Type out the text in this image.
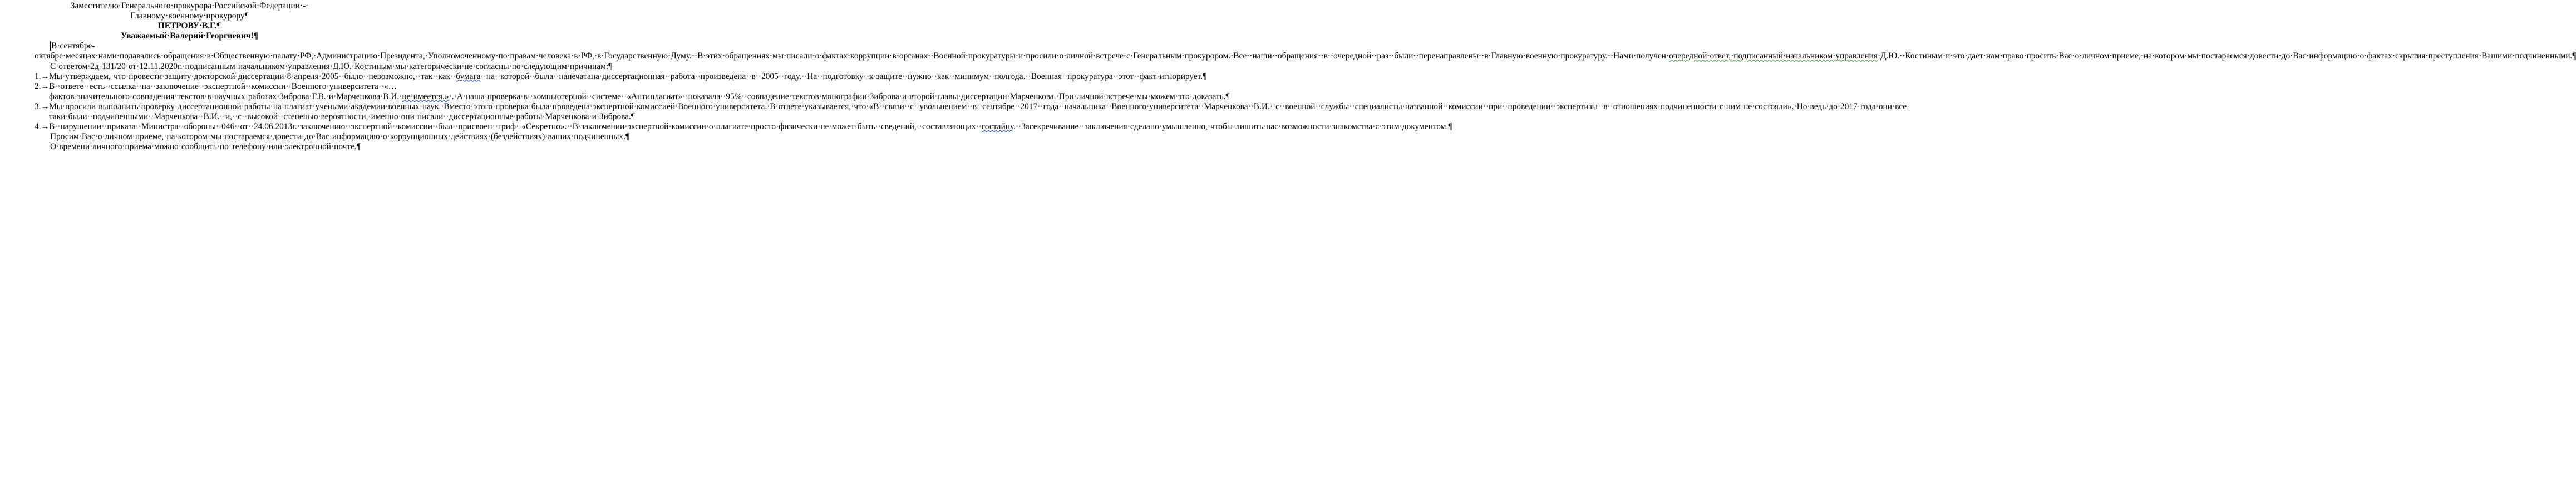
Заместителю·Генерального·прокурора·Российской·Федерации·-·

Главному·военному·прокурору¶

ПЕТРОВУ·В.Г.¶

Уважаемый·Валерий·Георгиевич!¶

В·сентябре-октябре·месяцах·нами·подавались·обращения·в·Общественную·палату·РФ,·Администрацию·Президента,·Уполномоченному·по·правам·человека·в·РФ,·в·Государственную·Думу.··В·этих·обращениях·мы·писали·о·фактах·коррупции·в·органах··Военной·прокуратуры·и·просили·о·личной·встрече·с·Генеральным·прокурором.·Все··наши··обращения··в··очередной··раз··были··перенаправлены··в·Главную·военную·прокуратуру.··Нами·получен·очередной·ответ,·подписанный·начальником·управления·Д.Ю.··Костиным·и·это·дает·нам·право·просить·Вас·о·личном·приеме,·на·котором·мы·постараемся·довести·до·Вас·информацию·о·фактах·скрытия·преступления·Вашими·подчиненными.¶

С·ответом·2д-131/20·от·12.11.2020г.·подписанным·начальником·управления·Д.Ю.·Костиным·мы·категорически·не·согласны·по·следующим·причинам:¶

1.→ Мы·утверждаем,·что·провести·защиту·докторской·диссертации·8·апреля·2005··было··невозможно,··так··как··бумага··на··которой··была··напечатана·диссертационная··работа··произведена··в··2005··году.··На··подготовку··к·защите··нужно··как··минимум··полгода.··Военная··прокуратура··этот··факт·игнорирует.¶
2.→ В··ответе··есть··ссылка··на··заключение··экспертной··комиссии··Военного·университета··«…фактов·значительного·совпадения·текстов·в·научных·работах·Зиброва·Г.В.·и·Марченкова·В.И.·не·имеется.»·.·А·наша·проверка·в··компьютерной··системе··«Антиплагиат»··показала··95%··совпадение·текстов·монографии·Зиброва·и·второй·главы·диссертации·Марченкова.·При·личной·встрече·мы·можем·это·доказать.¶
3.→ Мы·просили·выполнить·проверку·диссертационной·работы·на·плагиат·учеными·академии·военных·наук.·Вместо·этого·проверка·была·проведена·экспертной·комиссией·Военного·университета.·В·ответе·указывается,·что·«В··связи··с··увольнением··в··сентябре··2017··года··начальника··Военного·университета··Марченкова··В.И.··с··военной··службы··специалисты·названной··комиссии··при··проведении··экспертизы··в··отношениях·подчиненности·с·ним·не·состояли».·Но·ведь·до·2017·года·они·все-таки·были··подчиненными··Марченкова··В.И.··и,··с··высокой··степенью·вероятности,·именно·они·писали··диссертационные·работы·Марченкова·и·Зиброва.¶
4.→ В··нарушении··приказа··Министра··обороны··046··от··24.06.2013г.·заключению··экспертной··комиссии··был··присвоен··гриф··«Секретно».··В·заключении·экспертной·комиссии·о·плагиате·просто·физически·не·может·быть··сведений,··составляющих··гостайну.··Засекречивание··заключения·сделано·умышленно,·чтобы·лишить·нас·возможности·знакомства·с·этим·документом.¶

Просим·Вас·о·личном·приеме,·на·котором·мы·постараемся·довести·до·Вас·информацию·о·коррупционных·действиях·(бездействиях)·ваших·подчиненных.¶

О·времени·личного·приема·можно·сообщить·по·телефону·или·электронной·почте.¶
